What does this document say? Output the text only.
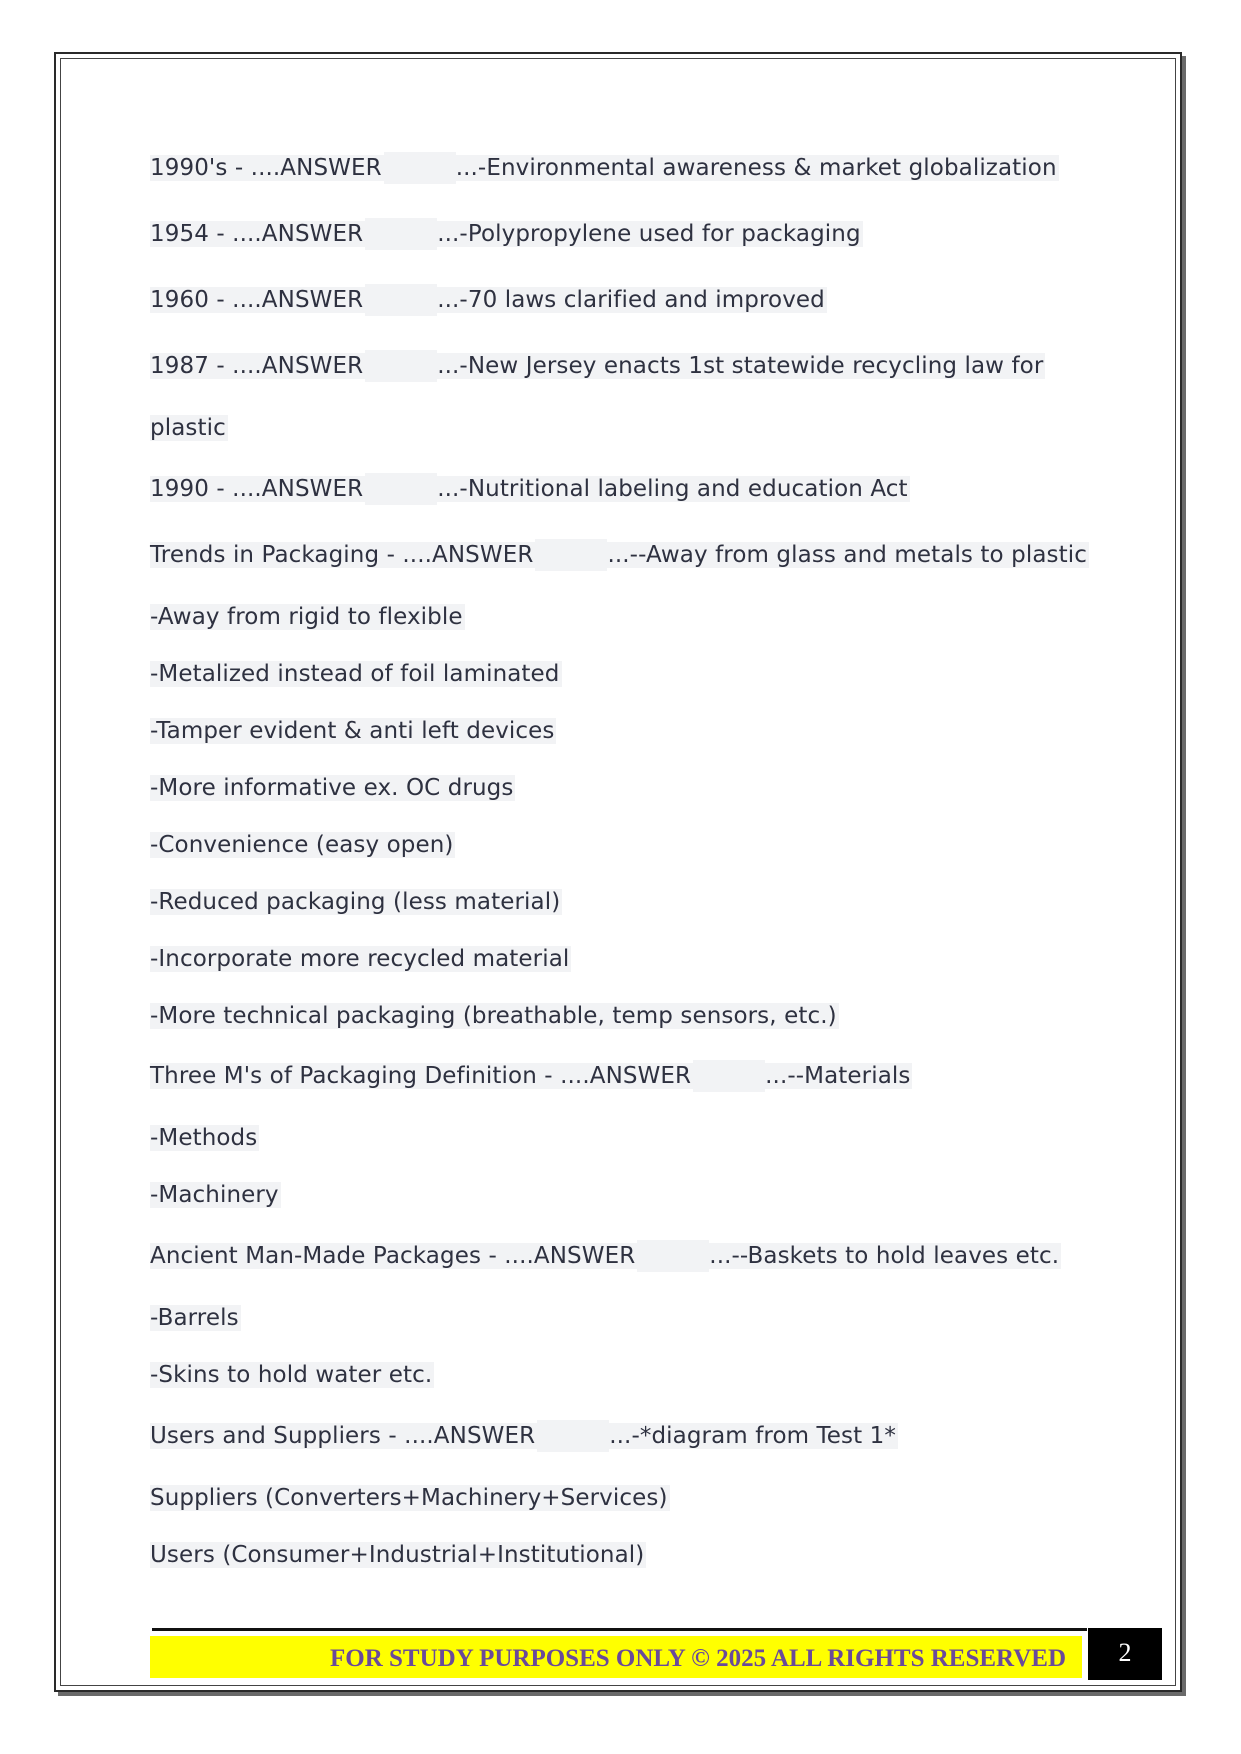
1990's - ....ANSWER	...-Environmental awareness & market globalization
1954 - ....ANSWER	...-Polypropylene used for packaging
1960 - ....ANSWER	...-70 laws clarified and improved
1987 - ....ANSWER	...-New Jersey enacts 1st statewide recycling law for
plastic
1990 - ....ANSWER	...-Nutritional labeling and education Act
Trends in Packaging - ....ANSWER	...--Away from glass and metals to plastic
-Away from rigid to flexible
-Metalized instead of foil laminated
-Tamper evident & anti left devices
-More informative ex. OC drugs
-Convenience (easy open)
-Reduced packaging (less material)
-Incorporate more recycled material
-More technical packaging (breathable, temp sensors, etc.)
Three M's of Packaging Definition - ....ANSWER	...--Materials
-Methods
-Machinery
Ancient Man-Made Packages - ....ANSWER	...--Baskets to hold leaves etc.
-Barrels
-Skins to hold water etc.
Users and Suppliers - ....ANSWER	...-*diagram from Test 1*
Suppliers (Converters+Machinery+Services)
Users (Consumer+Industrial+Institutional)
FOR STUDY PURPOSES ONLY © 2025 ALL RIGHTS RESERVED	2
